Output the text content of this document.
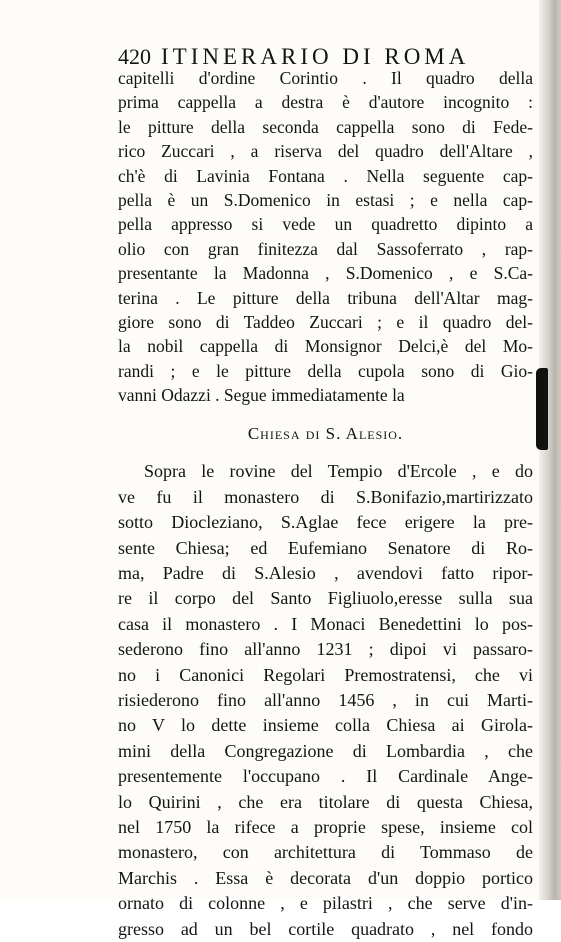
420 ITINERARIO DI ROMA
capitelli d'ordine Corintio . Il quadro della
prima cappella a destra è d'autore incognito :
le pitture della seconda cappella sono di Fede-
rico Zuccari , a riserva del quadro dell'Altare ,
ch'è di Lavinia Fontana . Nella seguente cap-
pella è un S.Domenico in estasi ; e nella cap-
pella appresso si vede un quadretto dipinto a
olio con gran finitezza dal Sassoferrato , rap-
presentante la Madonna , S.Domenico , e S.Ca-
terina . Le pitture della tribuna dell'Altar mag-
giore sono di Taddeo Zuccari ; e il quadro del-
la nobil cappella di Monsignor Delci,è del Mo-
randi ; e le pitture della cupola sono di Gio-
vanni Odazzi . Segue immediatamente la
Chiesa di S. Alesio.
Sopra le rovine del Tempio d'Ercole , e do
ve fu il monastero di S.Bonifazio,martirizzato
sotto Diocleziano, S.Aglae fece erigere la pre-
sente Chiesa; ed Eufemiano Senatore di Ro-
ma, Padre di S.Alesio , avendovi fatto ripor-
re il corpo del Santo Figliuolo,eresse sulla sua
casa il monastero . I Monaci Benedettini lo pos-
sederono fino all'anno 1231 ; dipoi vi passaro-
no i Canonici Regolari Premostratensi, che vi
risiederono fino all'anno 1456 , in cui Marti-
no V lo dette insieme colla Chiesa ai Girola-
mini della Congregazione di Lombardia , che
presentemente l'occupano . Il Cardinale Ange-
lo Quirini , che era titolare di questa Chiesa,
nel 1750 la rifece a proprie spese, insieme col
monastero, con architettura di Tommaso de
Marchis . Essa è decorata d'un doppio portico
ornato di colonne , e pilastri , che serve d'in-
gresso ad un bel cortile quadrato , nel fondo
